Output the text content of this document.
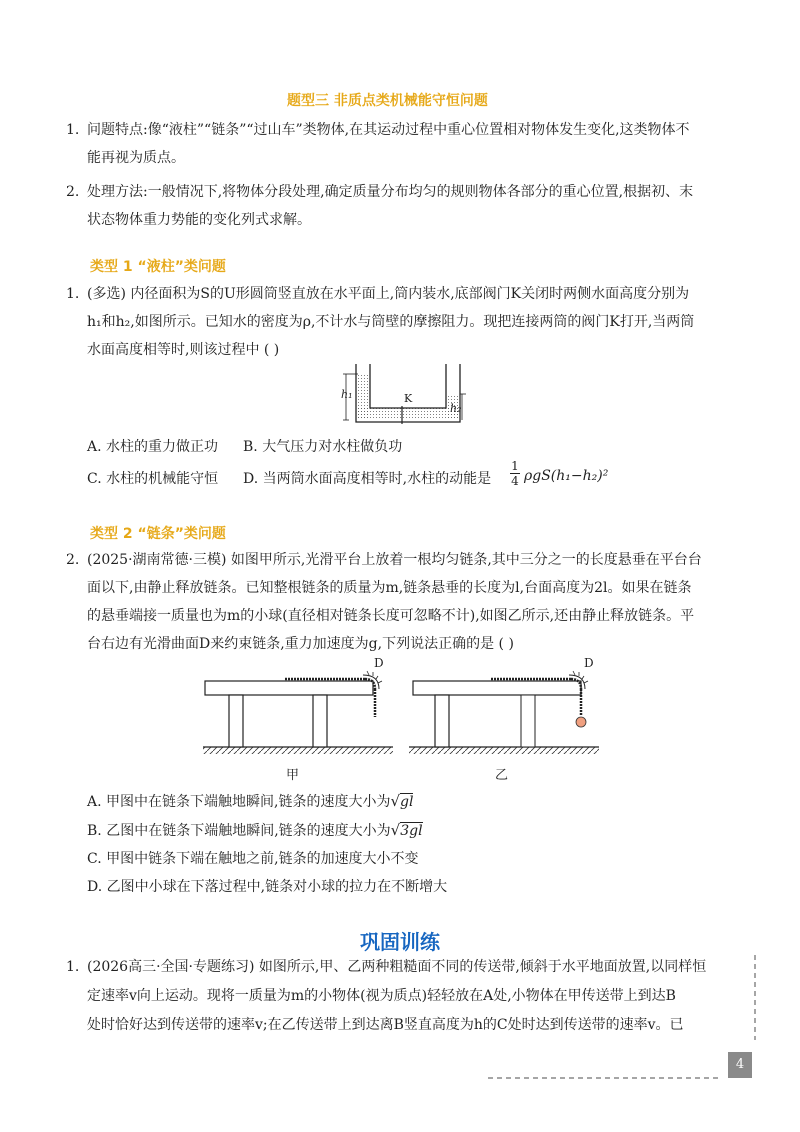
题型三 非质点类机械能守恒问题
1. 问题特点:像“液柱”“链条”“过山车”类物体,在其运动过程中重心位置相对物体发生变化,这类物体不
能再视为质点。
2. 处理方法:一般情况下,将物体分段处理,确定质量分布均匀的规则物体各部分的重心位置,根据初、末
状态物体重力势能的变化列式求解。
类型 1 “液柱”类问题
1. (多选) 内径面积为S的U形圆筒竖直放在水平面上,筒内装水,底部阀门K关闭时两侧水面高度分别为
h₁和h₂,如图所示。已知水的密度为ρ,不计水与筒壁的摩擦阻力。现把连接两筒的阀门K打开,当两筒
水面高度相等时,则该过程中 ( )
h₁
h₂
K
A. 水柱的重力做正功 B. 大气压力对水柱做负功
C. 水柱的机械能守恒 D. 当两筒水面高度相等时,水柱的动能是 $\frac{1}{4} \rho gS(h_1-h_2)^2$
类型 2 “链条”类问题
2. (2025·湖南常德·三模) 如图甲所示,光滑平台上放着一根均匀链条,其中三分之一的长度悬垂在平台台
面以下,由静止释放链条。已知整根链条的质量为m,链条悬垂的长度为l,台面高度为2l。如果在链条
的悬垂端接一质量也为m的小球(直径相对链条长度可忽略不计),如图乙所示,还由静止释放链条。平
台右边有光滑曲面D来约束链条,重力加速度为g,下列说法正确的是 ( )
D	D
甲	乙
A. 甲图中在链条下端触地瞬间,链条的速度大小为√gl
B. 乙图中在链条下端触地瞬间,链条的速度大小为√3gl
C. 甲图中链条下端在触地之前,链条的加速度大小不变
D. 乙图中小球在下落过程中,链条对小球的拉力在不断增大
巩固训练
1. (2026高三·全国·专题练习) 如图所示,甲、乙两种粗糙面不同的传送带,倾斜于水平地面放置,以同样恒
定速率v向上运动。现将一质量为m的小物体(视为质点)轻轻放在A处,小物体在甲传送带上到达B
处时恰好达到传送带的速率v;在乙传送带上到达离B竖直高度为h的C处时达到传送带的速率v。已
4
